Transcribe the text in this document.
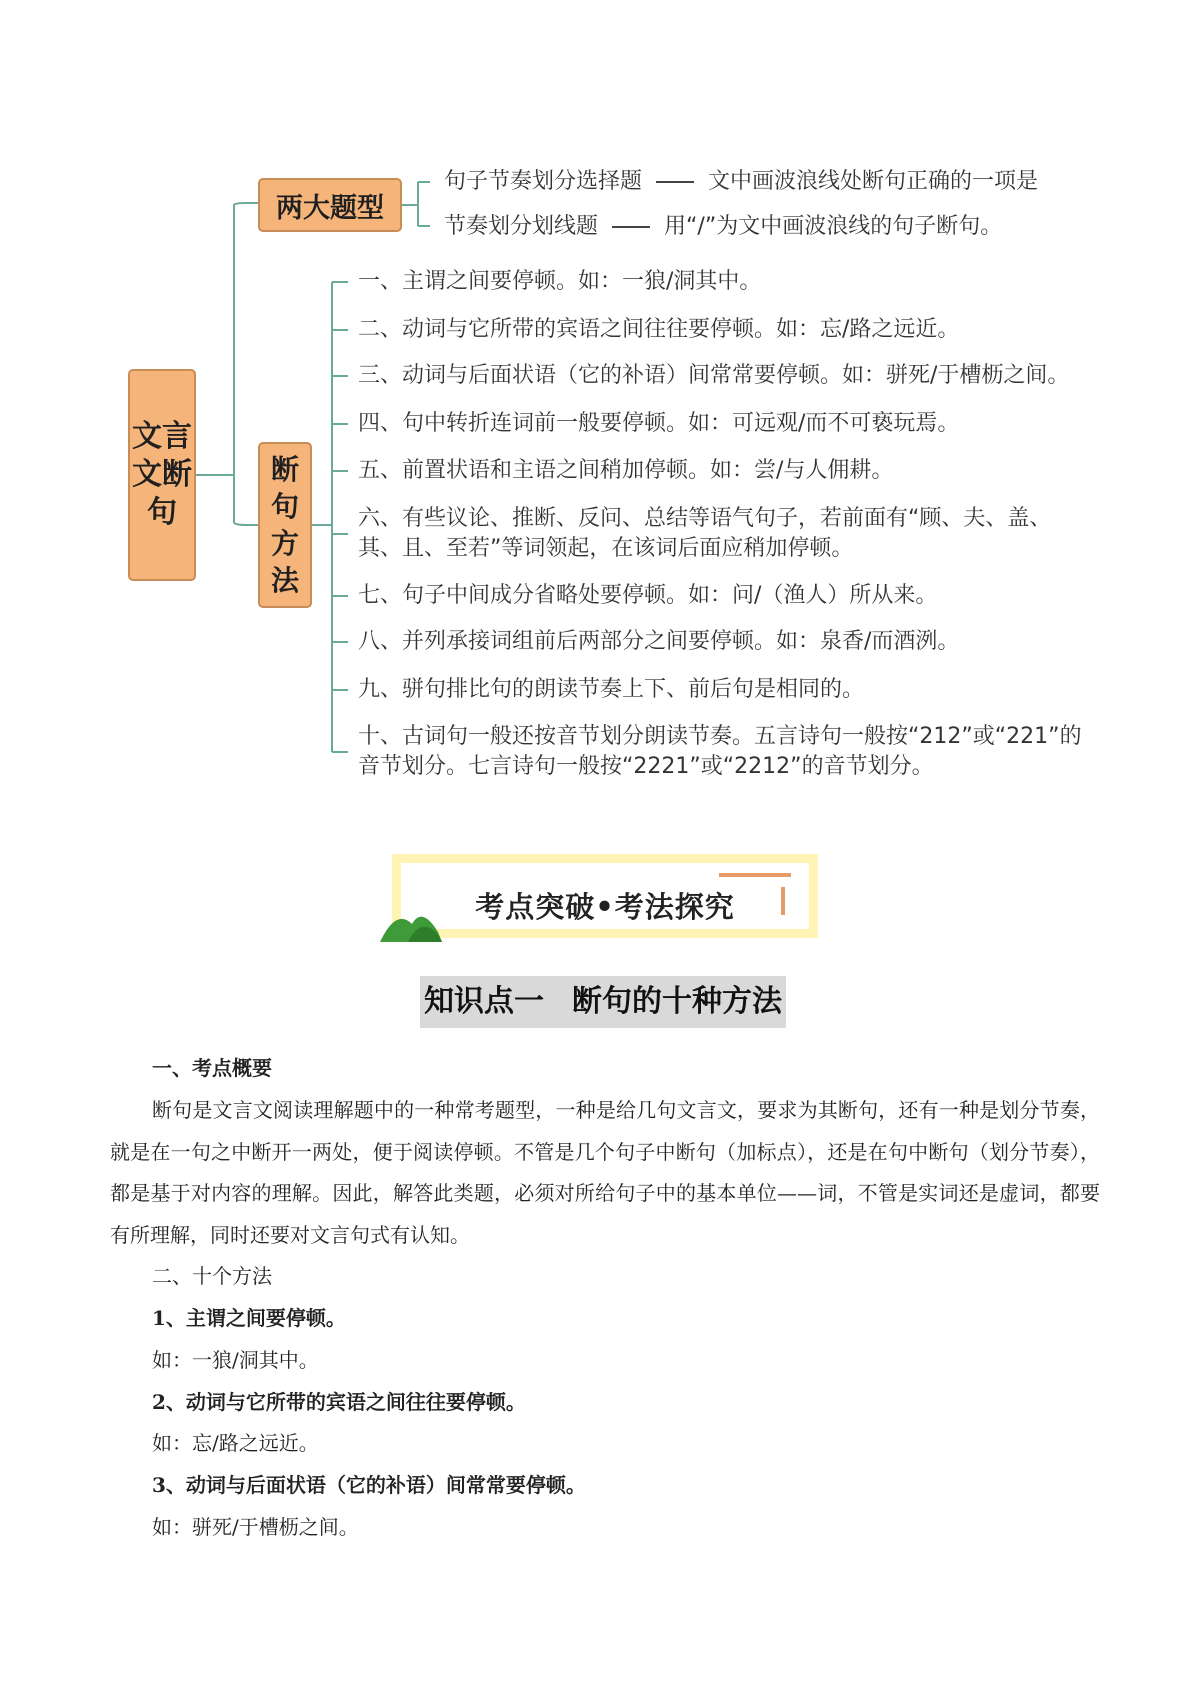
文言文断句
两大题型
断句方法
句子节奏划分选择题	文中画波浪线处断句正确的一项是
节奏划分划线题	用“/”为文中画波浪线的句子断句。
一、主谓之间要停顿。如：一狼/洞其中。
二、动词与它所带的宾语之间往往要停顿。如：忘/路之远近。
三、动词与后面状语（它的补语）间常常要停顿。如：骈死/于槽枥之间。
四、句中转折连词前一般要停顿。如：可远观/而不可亵玩焉。
五、前置状语和主语之间稍加停顿。如：尝/与人佣耕。
六、有些议论、推断、反问、总结等语气句子，若前面有“顾、夫、盖、其、且、至若”等词领起，在该词后面应稍加停顿。
七、句子中间成分省略处要停顿。如：问/（渔人）所从来。
八、并列承接词组前后两部分之间要停顿。如：泉香/而酒洌。
九、骈句排比句的朗读节奏上下、前后句是相同的。
十、古词句一般还按音节划分朗读节奏。五言诗句一般按“212”或“221”的音节划分。七言诗句一般按“2221”或“2212”的音节划分。
考点突破•考法探究
知识点一 断句的十种方法
一、考点概要
断句是文言文阅读理解题中的一种常考题型，一种是给几句文言文，要求为其断句，还有一种是划分节奏，就是在一句之中断开一两处，便于阅读停顿。不管是几个句子中断句（加标点），还是在句中断句（划分节奏），都是基于对内容的理解。因此，解答此类题，必须对所给句子中的基本单位——词，不管是实词还是虚词，都要有所理解，同时还要对文言句式有认知。
二、十个方法
1、主谓之间要停顿。
如：一狼/洞其中。
2、动词与它所带的宾语之间往往要停顿。
如：忘/路之远近。
3、动词与后面状语（它的补语）间常常要停顿。
如：骈死/于槽枥之间。
